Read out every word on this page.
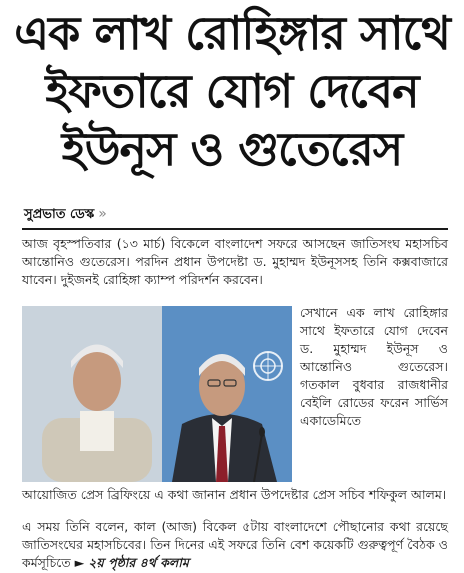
এক লাখ রোহিঙ্গার সাথে
ইফতারে যোগ দেবেন
ইউনূস ও গুতেরেস
সুপ্রভাত ডেস্ক »
আজ বৃহস্পতিবার (১৩ মার্চ) বিকেলে বাংলাদেশ সফরে আসছেন জাতিসংঘ মহাসচিব আন্তোনিও গুতেরেস। পরদিন প্রধান উপদেষ্টা ড. মুহাম্মদ ইউনূসসহ তিনি কক্সবাজারে যাবেন। দুইজনই রোহিঙ্গা ক্যাম্প পরিদর্শন করবেন।
সেখানে এক লাখ রোহিঙ্গার সাথে ইফতারে যোগ দেবেন ড. মুহাম্মদ ইউনূস ও আন্তোনিও গুতেরেস। গতকাল বুধবার রাজধানীর বেইলি রোডের ফরেন সার্ভিস একাডেমিতে
আয়োজিত প্রেস ব্রিফিংয়ে এ কথা জানান প্রধান উপদেষ্টার প্রেস সচিব শফিকুল আলম।
এ সময় তিনি বলেন, কাল (আজ) বিকেল ৫টায় বাংলাদেশে পৌছানোর কথা রয়েছে জাতিসংঘের মহাসচিবের। তিন দিনের এই সফরে তিনি বেশ কয়েকটি গুরুত্বপূর্ণ বৈঠক ও কর্মসূচিতে ► ২য় পৃষ্ঠার ৪র্থ কলাম
